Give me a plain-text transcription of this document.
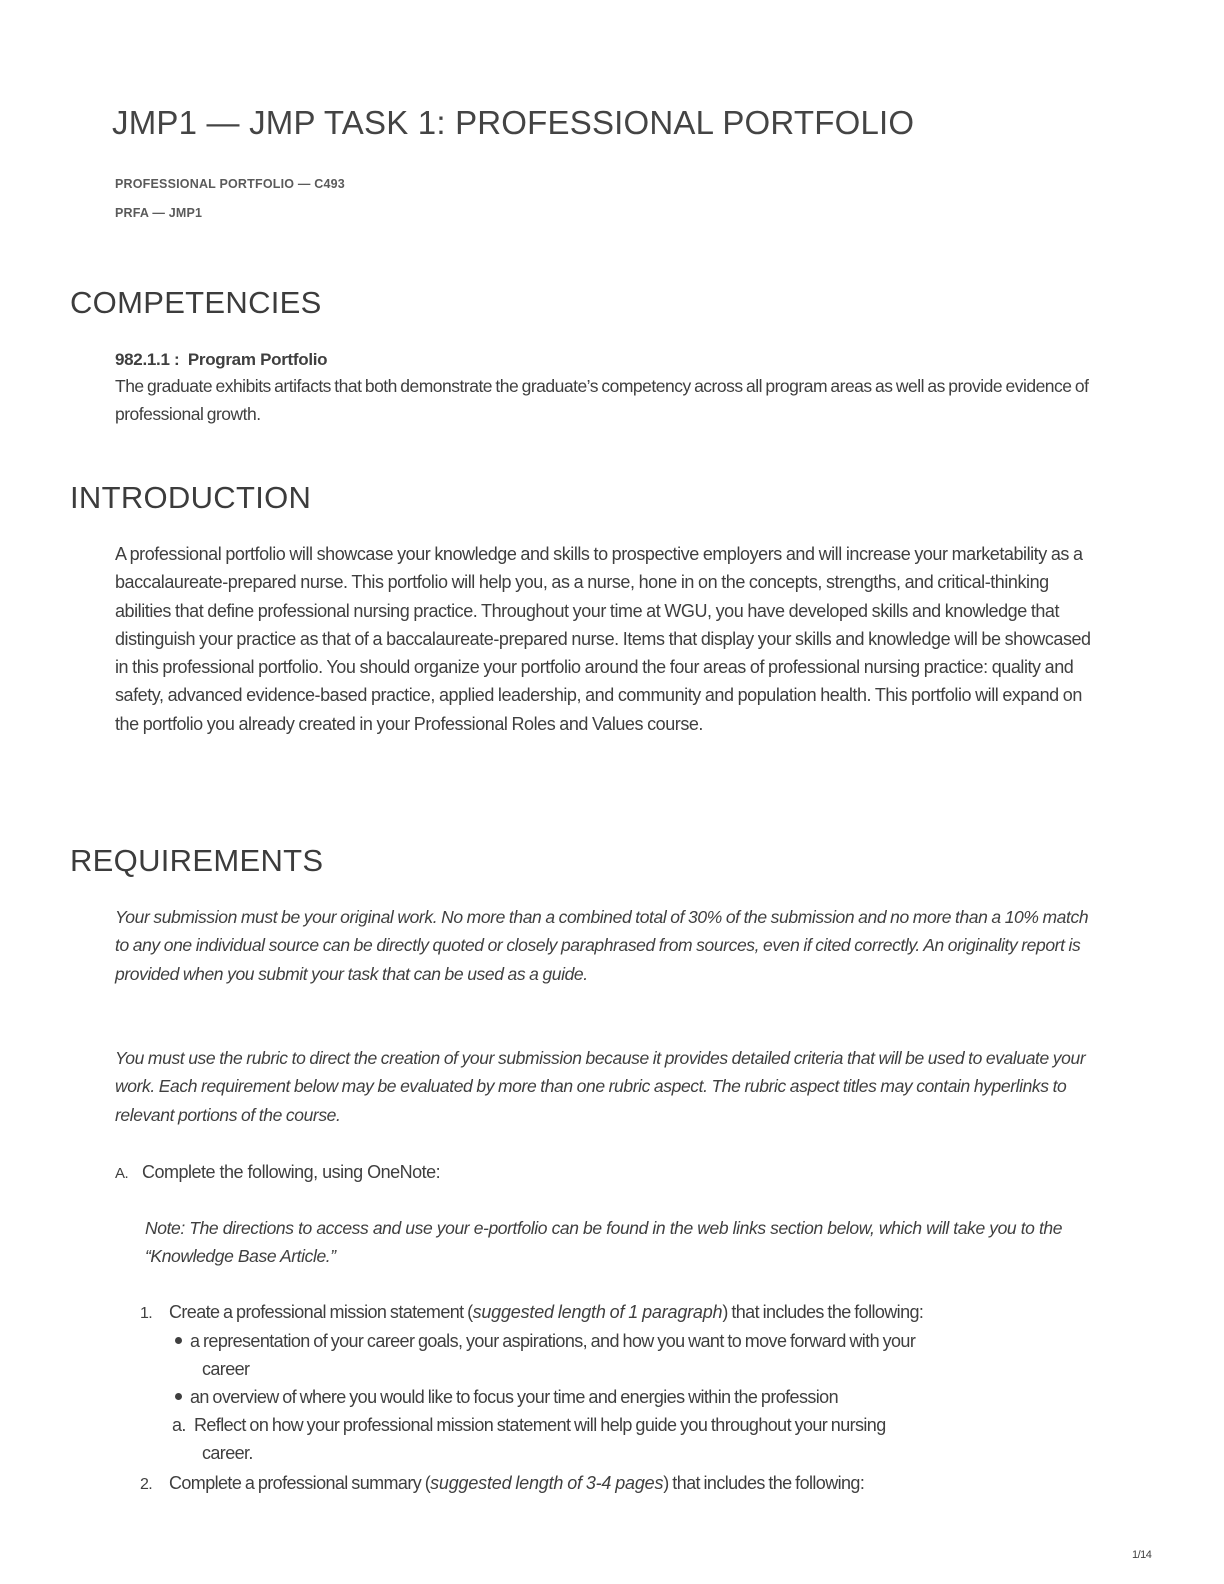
JMP1 — JMP TASK 1: PROFESSIONAL PORTFOLIO
PROFESSIONAL PORTFOLIO — C493
PRFA — JMP1
COMPETENCIES
982.1.1 : Program Portfolio
The graduate exhibits artifacts that both demonstrate the graduate’s competency across all program areas as well as provide evidence of professional growth.
INTRODUCTION

A professional portfolio will showcase your knowledge and skills to prospective employers and will increase your marketability as a baccalaureate-prepared nurse. This portfolio will help you, as a nurse, hone in on the concepts, strengths, and critical-thinking abilities that define professional nursing practice. Throughout your time at WGU, you have developed skills and knowledge that distinguish your practice as that of a baccalaureate-prepared nurse. Items that display your skills and knowledge will be showcased in this professional portfolio. You should organize your portfolio around the four areas of professional nursing practice: quality and safety, advanced evidence-based practice, applied leadership, and community and population health. This portfolio will expand on the portfolio you already created in your Professional Roles and Values course.

REQUIREMENTS

Your submission must be your original work. No more than a combined total of 30% of the submission and no more than a 10% match to any one individual source can be directly quoted or closely paraphrased from sources, even if cited correctly. An originality report is provided when you submit your task that can be used as a guide.

You must use the rubric to direct the creation of your submission because it provides detailed criteria that will be used to evaluate your work. Each requirement below may be evaluated by more than one rubric aspect. The rubric aspect titles may contain hyperlinks to relevant portions of the course.

A. Complete the following, using OneNote:

Note: The directions to access and use your e-portfolio can be found in the web links section below, which will take you to the “Knowledge Base Article.”

1. Create a professional mission statement (suggested length of 1 paragraph) that includes the following:
a representation of your career goals, your aspirations, and how you want to move forward with your
career
an overview of where you would like to focus your time and energies within the profession
a. Reflect on how your professional mission statement will help guide you throughout your nursing
career.
2. Complete a professional summary (suggested length of 3-4 pages) that includes the following:
1/14
